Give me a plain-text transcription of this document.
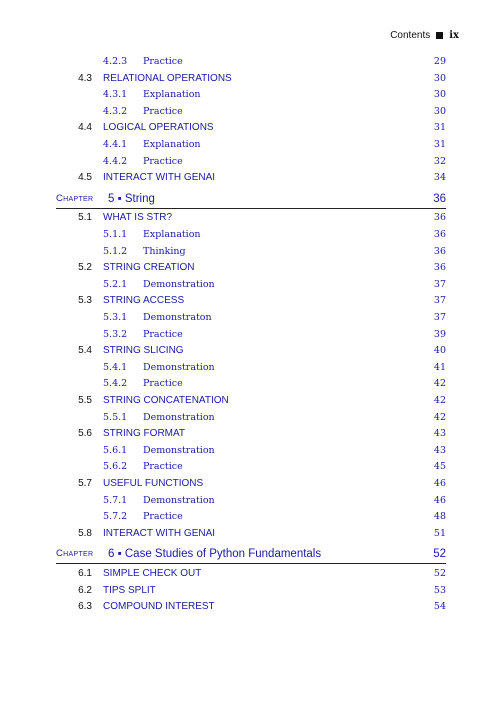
Contents ix
4.2.3 Practice	29
4.3 RELATIONAL OPERATIONS	30
4.3.1 Explanation	30
4.3.2 Practice	30
4.4 LOGICAL OPERATIONS	31
4.4.1 Explanation	31
4.4.2 Practice	32
4.5 INTERACT WITH GENAI	34
Chapter 5 ▪ String	36
5.1 WHAT IS STR?	36
5.1.1 Explanation	36
5.1.2 Thinking	36
5.2 STRING CREATION	36
5.2.1 Demonstration	37
5.3 STRING ACCESS	37
5.3.1 Demonstraton	37
5.3.2 Practice	39
5.4 STRING SLICING	40
5.4.1 Demonstration	41
5.4.2 Practice	42
5.5 STRING CONCATENATION	42
5.5.1 Demonstration	42
5.6 STRING FORMAT	43
5.6.1 Demonstration	43
5.6.2 Practice	45
5.7 USEFUL FUNCTIONS	46
5.7.1 Demonstration	46
5.7.2 Practice	48
5.8 INTERACT WITH GENAI	51
Chapter 6 ▪ Case Studies of Python Fundamentals	52
6.1 SIMPLE CHECK OUT	52
6.2 TIPS SPLIT	53
6.3 COMPOUND INTEREST	54
